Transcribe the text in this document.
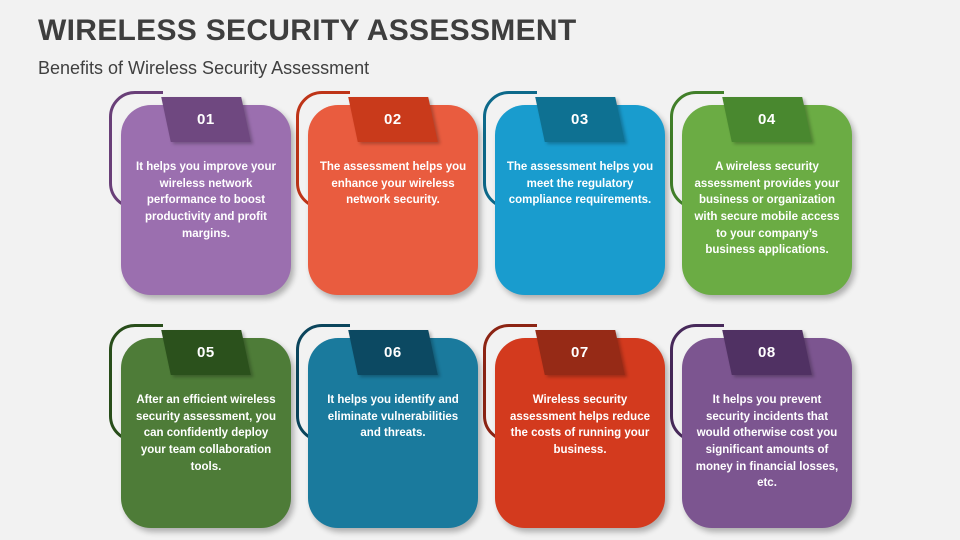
WIRELESS SECURITY ASSESSMENT
Benefits of Wireless Security Assessment
01
It helps you improve your wireless network performance to boost productivity and profit margins.
02
The assessment helps you enhance your wireless network security.
03
The assessment helps you meet the regulatory compliance requirements.
04
A wireless security assessment provides your business or organization with secure mobile access to your company’s business applications.
05
After an efficient wireless security assessment, you can confidently deploy your team collaboration tools.
06
It helps you identify and eliminate vulnerabilities and threats.
07
Wireless security assessment helps reduce the costs of running your business.
08
It helps you prevent security incidents that would otherwise cost you significant amounts of money in financial losses, etc.
